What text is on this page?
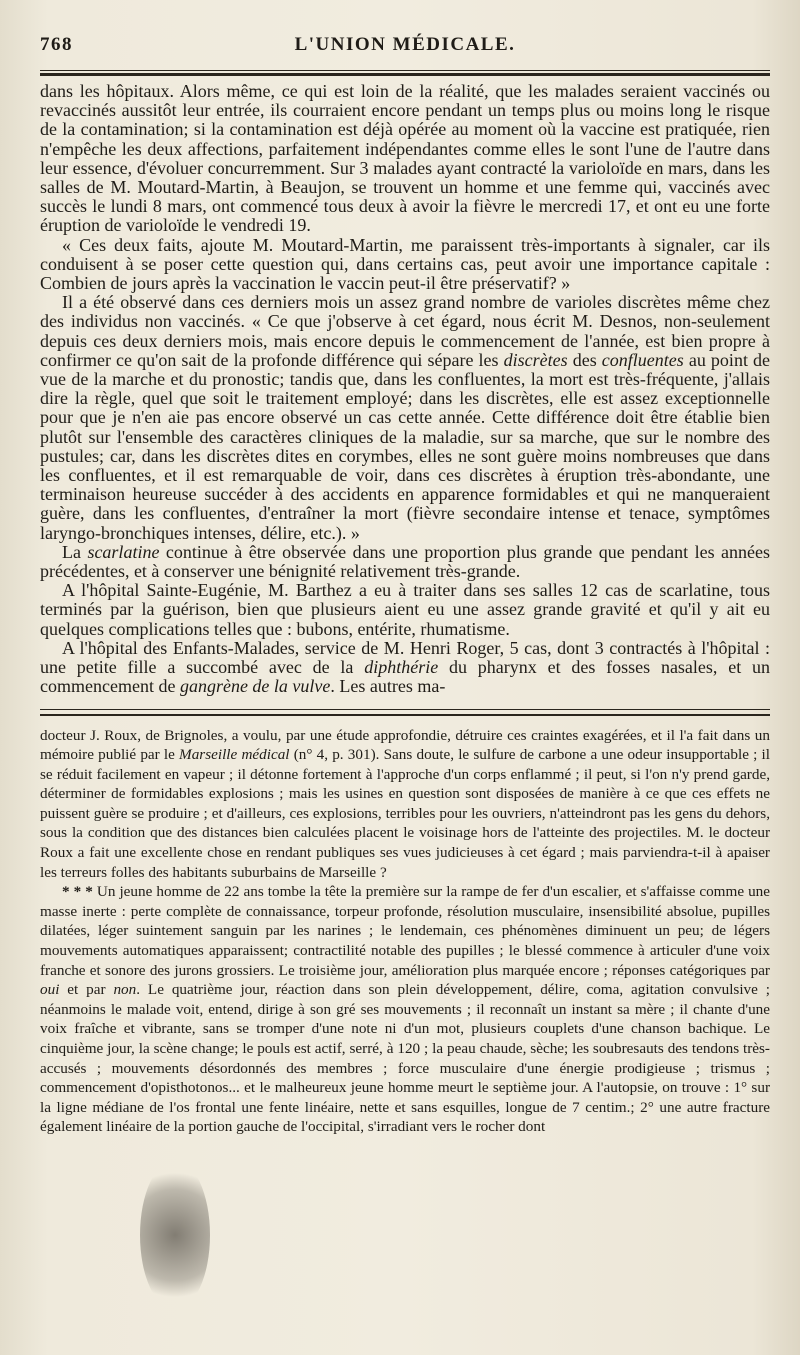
768	L'UNION MÉDICALE.

dans les hôpitaux. Alors même, ce qui est loin de la réalité, que les malades seraient vaccinés ou revaccinés aussitôt leur entrée, ils courraient encore pendant un temps plus ou moins long le risque de la contamination; si la contamination est déjà opérée au moment où la vaccine est pratiquée, rien n'empêche les deux affections, parfaitement indépendantes comme elles le sont l'une de l'autre dans leur essence, d'évoluer concurremment. Sur 3 malades ayant contracté la varioloïde en mars, dans les salles de M. Moutard-Martin, à Beaujon, se trouvent un homme et une femme qui, vaccinés avec succès le lundi 8 mars, ont commencé tous deux à avoir la fièvre le mercredi 17, et ont eu une forte éruption de varioloïde le vendredi 19.

« Ces deux faits, ajoute M. Moutard-Martin, me paraissent très-importants à signaler, car ils conduisent à se poser cette question qui, dans certains cas, peut avoir une importance capitale : Combien de jours après la vaccination le vaccin peut-il être préservatif? »

Il a été observé dans ces derniers mois un assez grand nombre de varioles discrètes même chez des individus non vaccinés. « Ce que j'observe à cet égard, nous écrit M. Desnos, non-seulement depuis ces deux derniers mois, mais encore depuis le commencement de l'année, est bien propre à confirmer ce qu'on sait de la profonde différence qui sépare les discrètes des confluentes au point de vue de la marche et du pronostic; tandis que, dans les confluentes, la mort est très-fréquente, j'allais dire la règle, quel que soit le traitement employé; dans les discrètes, elle est assez exceptionnelle pour que je n'en aie pas encore observé un cas cette année. Cette différence doit être établie bien plutôt sur l'ensemble des caractères cliniques de la maladie, sur sa marche, que sur le nombre des pustules; car, dans les discrètes dites en corymbes, elles ne sont guère moins nombreuses que dans les confluentes, et il est remarquable de voir, dans ces discrètes à éruption très-abondante, une terminaison heureuse succéder à des accidents en apparence formidables et qui ne manqueraient guère, dans les confluentes, d'entraîner la mort (fièvre secondaire intense et tenace, symptômes laryngo-bronchiques intenses, délire, etc.). »

La scarlatine continue à être observée dans une proportion plus grande que pendant les années précédentes, et à conserver une bénignité relativement très-grande.

A l'hôpital Sainte-Eugénie, M. Barthez a eu à traiter dans ses salles 12 cas de scarlatine, tous terminés par la guérison, bien que plusieurs aient eu une assez grande gravité et qu'il y ait eu quelques complications telles que : bubons, entérite, rhumatisme.

A l'hôpital des Enfants-Malades, service de M. Henri Roger, 5 cas, dont 3 contractés à l'hôpital : une petite fille a succombé avec de la diphthérie du pharynx et des fosses nasales, et un commencement de gangrène de la vulve. Les autres ma-

docteur J. Roux, de Brignoles, a voulu, par une étude approfondie, détruire ces craintes exagérées, et il l'a fait dans un mémoire publié par le Marseille médical (n° 4, p. 301). Sans doute, le sulfure de carbone a une odeur insupportable ; il se réduit facilement en vapeur ; il détonne fortement à l'approche d'un corps enflammé ; il peut, si l'on n'y prend garde, déterminer de formidables explosions ; mais les usines en question sont disposées de manière à ce que ces effets ne puissent guère se produire ; et d'ailleurs, ces explosions, terribles pour les ouvriers, n'atteindront pas les gens du dehors, sous la condition que des distances bien calculées placent le voisinage hors de l'atteinte des projectiles. M. le docteur Roux a fait une excellente chose en rendant publiques ses vues judicieuses à cet égard ; mais parviendra-t-il à apaiser les terreurs folles des habitants suburbains de Marseille ?

* * * Un jeune homme de 22 ans tombe la tête la première sur la rampe de fer d'un escalier, et s'affaisse comme une masse inerte : perte complète de connaissance, torpeur profonde, résolution musculaire, insensibilité absolue, pupilles dilatées, léger suintement sanguin par les narines ; le lendemain, ces phénomènes diminuent un peu; de légers mouvements automatiques apparaissent; contractilité notable des pupilles ; le blessé commence à articuler d'une voix franche et sonore des jurons grossiers. Le troisième jour, amélioration plus marquée encore ; réponses catégoriques par oui et par non. Le quatrième jour, réaction dans son plein développement, délire, coma, agitation convulsive ; néanmoins le malade voit, entend, dirige à son gré ses mouvements ; il reconnaît un instant sa mère ; il chante d'une voix fraîche et vibrante, sans se tromper d'une note ni d'un mot, plusieurs couplets d'une chanson bachique. Le cinquième jour, la scène change; le pouls est actif, serré, à 120 ; la peau chaude, sèche; les soubresauts des tendons très-accusés ; mouvements désordonnés des membres ; force musculaire d'une énergie prodigieuse ; trismus ; commencement d'opisthotonos... et le malheureux jeune homme meurt le septième jour. A l'autopsie, on trouve : 1° sur la ligne médiane de l'os frontal une fente linéaire, nette et sans esquilles, longue de 7 centim.; 2° une autre fracture également linéaire de la portion gauche de l'occipital, s'irradiant vers le rocher dont
